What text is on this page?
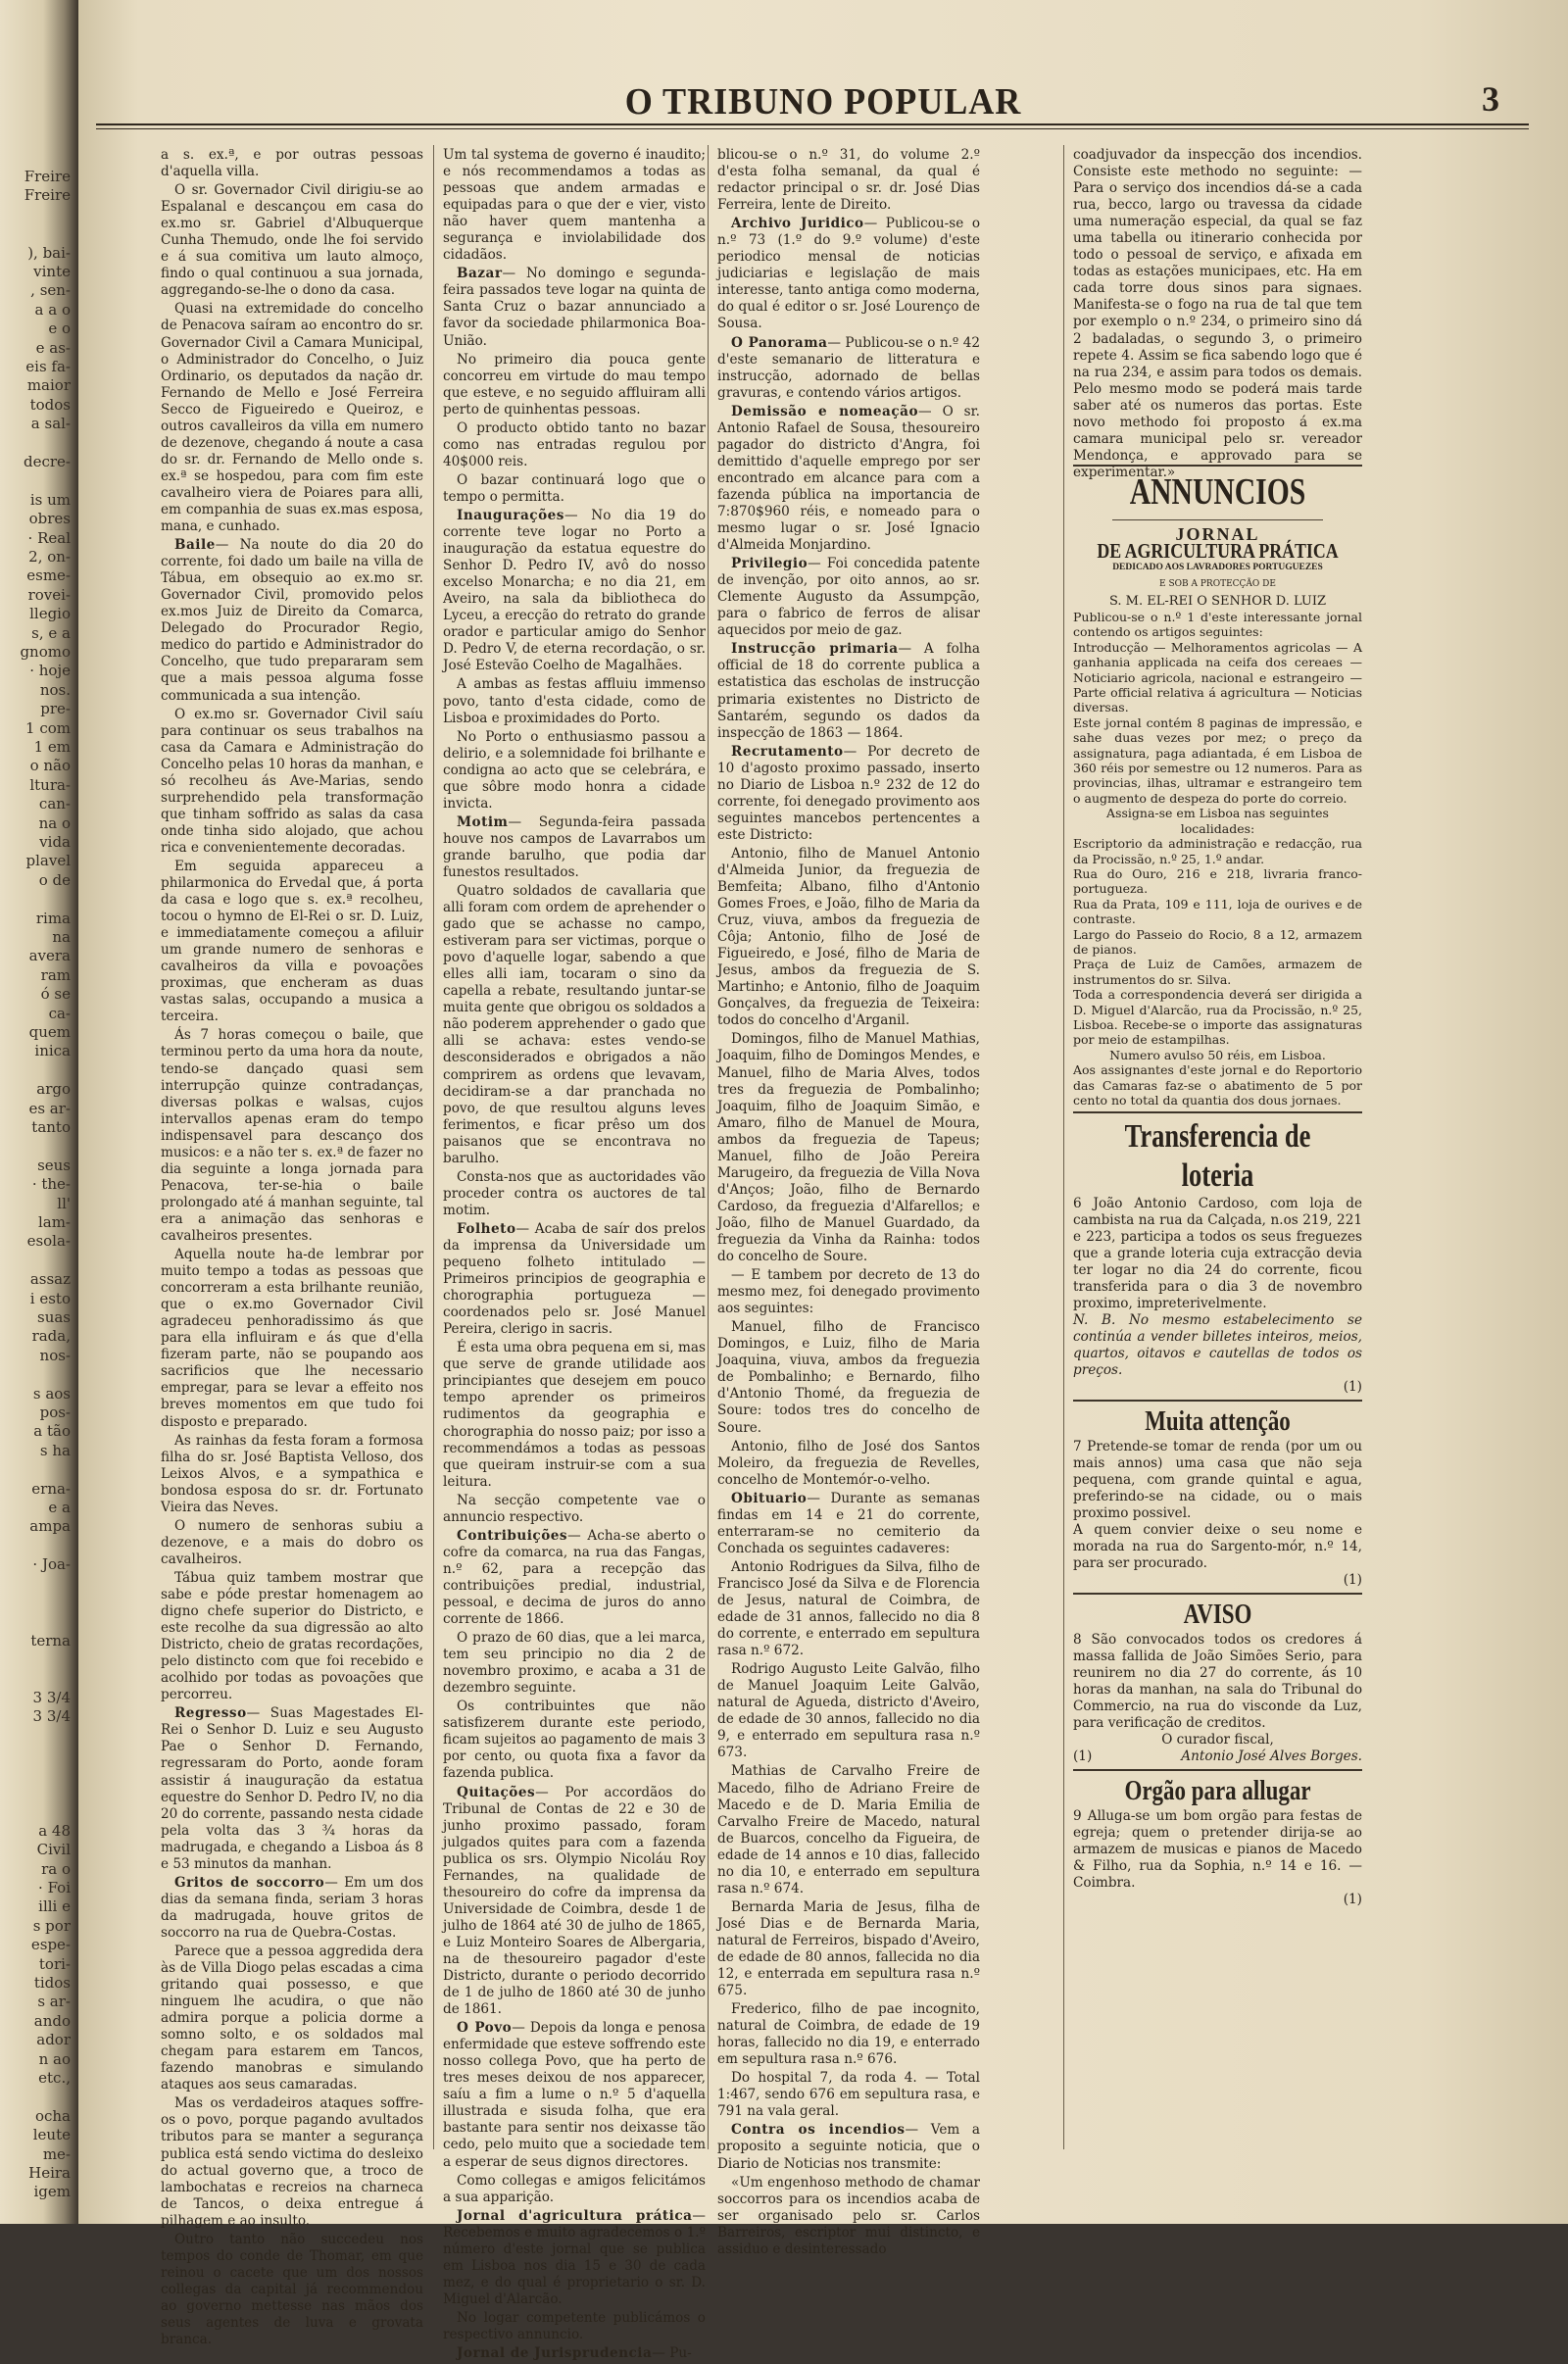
Freire
Freire
), bai-
vinte
, sen-
a a o
e o
e as-
eis fa-
maior
todos
a sal-
decre-
is um
obres
· Real
2, on-
esme-
rovei-
llegio
s, e a
gnomo
· hoje
nos.
pre-
1 com
1 em
o não
ltura-
can-
na o
vida
plavel
o de
rima
na
avera
ram
ó se
ca-
quem
inica
argo
es ar-
tanto
seus
· the-
ll'
lam-
esola-
assaz
i esto
suas
rada,
nos-
s aos
pos-
a tão
s ha
erna-
e a
ampa
· Joa-
terna
3 3/4
3 3/4
a 48
Civil
ra o
· Foi
illi e
s por
espe-
tori-
tidos
s ar-
ando
ador
n ao
etc.,
ocha
leute
me-
Heira
igem
O TRIBUNO POPULAR	3

a s. ex.ª, e por outras pessoas d'aquella villa.

O sr. Governador Civil dirigiu-se ao Espalanal e descançou em casa do ex.mo sr. Gabriel d'Albuquerque Cunha Themudo, onde lhe foi servido e á sua comitiva um lauto almoço, findo o qual continuou a sua jornada, aggregando-se-lhe o dono da casa.

Quasi na extremidade do concelho de Penacova saíram ao encontro do sr. Governador Civil a Camara Municipal, o Administrador do Concelho, o Juiz Ordinario, os deputados da nação dr. Fernando de Mello e José Ferreira Secco de Figueiredo e Queiroz, e outros cavalleiros da villa em numero de dezenove, chegando á noute a casa do sr. dr. Fernando de Mello onde s. ex.ª se hospedou, para com fim este cavalheiro viera de Poiares para alli, em companhia de suas ex.mas esposa, mana, e cunhado.

Baile— Na noute do dia 20 do corrente, foi dado um baile na villa de Tábua, em obsequio ao ex.mo sr. Governador Civil, promovido pelos ex.mos Juiz de Direito da Comarca, Delegado do Procurador Regio, medico do partido e Administrador do Concelho, que tudo prepararam sem que a mais pessoa alguma fosse communicada a sua intenção.

O ex.mo sr. Governador Civil saíu para continuar os seus trabalhos na casa da Camara e Administração do Concelho pelas 10 horas da manhan, e só recolheu ás Ave-Marias, sendo surprehendido pela transformação que tinham soffrido as salas da casa onde tinha sido alojado, que achou rica e convenientemente decoradas.

Em seguida appareceu a philarmonica do Ervedal que, á porta da casa e logo que s. ex.ª recolheu, tocou o hymno de El-Rei o sr. D. Luiz, e immediatamente começou a afiluir um grande numero de senhoras e cavalheiros da villa e povoações proximas, que encheram as duas vastas salas, occupando a musica a terceira.

Ás 7 horas começou o baile, que terminou perto da uma hora da noute, tendo-se dançado quasi sem interrupção quinze contradanças, diversas polkas e walsas, cujos intervallos apenas eram do tempo indispensavel para descanço dos musicos: e a não ter s. ex.ª de fazer no dia seguinte a longa jornada para Penacova, ter-se-hia o baile prolongado até á manhan seguinte, tal era a animação das senhoras e cavalheiros presentes.

Aquella noute ha-de lembrar por muito tempo a todas as pessoas que concorreram a esta brilhante reunião, que o ex.mo Governador Civil agradeceu penhoradissimo ás que para ella influiram e ás que d'ella fizeram parte, não se poupando aos sacrificios que lhe necessario empregar, para se levar a effeito nos breves momentos em que tudo foi disposto e preparado.

As rainhas da festa foram a formosa filha do sr. José Baptista Velloso, dos Leixos Alvos, e a sympathica e bondosa esposa do sr. dr. Fortunato Vieira das Neves.

O numero de senhoras subiu a dezenove, e a mais do dobro os cavalheiros.

Tábua quiz tambem mostrar que sabe e póde prestar homenagem ao digno chefe superior do Districto, e este recolhe da sua digressão ao alto Districto, cheio de gratas recordações, pelo distincto com que foi recebido e acolhido por todas as povoações que percorreu.

Regresso— Suas Magestades El-Rei o Senhor D. Luiz e seu Augusto Pae o Senhor D. Fernando, regressaram do Porto, aonde foram assistir á inauguração da estatua equestre do Senhor D. Pedro IV, no dia 20 do corrente, passando nesta cidade pela volta das 3 ¾ horas da madrugada, e chegando a Lisboa ás 8 e 53 minutos da manhan.

Gritos de soccorro— Em um dos dias da semana finda, seriam 3 horas da madrugada, houve gritos de soccorro na rua de Quebra-Costas.

Parece que a pessoa aggredida dera às de Villa Diogo pelas escadas a cima gritando quai possesso, e que ninguem lhe acudira, o que não admira porque a policia dorme a somno solto, e os soldados mal chegam para estarem em Tancos, fazendo manobras e simulando ataques aos seus camaradas.

Mas os verdadeiros ataques soffre-os o povo, porque pagando avultados tributos para se manter a segurança publica está sendo victima do desleixo do actual governo que, a troco de lambochatas e recreios na charneca de Tancos, o deixa entregue á pilhagem e ao insulto.

Outro tanto não succedeu nos tempos do conde de Thomar, em que reinou o cacete que um dos nossos collegas da capital já recommendou ao governo mettesse nas mãos dos seus agentes de luva e grovata branca.

Um tal systema de governo é inaudito; e nós recommendamos a todas as pessoas que andem armadas e equipadas para o que der e vier, visto não haver quem mantenha a segurança e inviolabilidade dos cidadãos.

Bazar— No domingo e segunda-feira passados teve logar na quinta de Santa Cruz o bazar annunciado a favor da sociedade philarmonica Boa-União.

No primeiro dia pouca gente concorreu em virtude do mau tempo que esteve, e no seguido affluiram alli perto de quinhentas pessoas.

O producto obtido tanto no bazar como nas entradas regulou por 40$000 reis.

O bazar continuará logo que o tempo o permitta.

Inaugurações— No dia 19 do corrente teve logar no Porto a inauguração da estatua equestre do Senhor D. Pedro IV, avô do nosso excelso Monarcha; e no dia 21, em Aveiro, na sala da bibliotheca do Lyceu, a erecção do retrato do grande orador e particular amigo do Senhor D. Pedro V, de eterna recordação, o sr. José Estevão Coelho de Magalhães.

A ambas as festas affluiu immenso povo, tanto d'esta cidade, como de Lisboa e proximidades do Porto.

No Porto o enthusiasmo passou a delirio, e a solemnidade foi brilhante e condigna ao acto que se celebrára, e que sôbre modo honra a cidade invicta.

Motim— Segunda-feira passada houve nos campos de Lavarrabos um grande barulho, que podia dar funestos resultados.

Quatro soldados de cavallaria que alli foram com ordem de aprehender o gado que se achasse no campo, estiveram para ser victimas, porque o povo d'aquelle logar, sabendo a que elles alli iam, tocaram o sino da capella a rebate, resultando juntar-se muita gente que obrigou os soldados a não poderem apprehender o gado que alli se achava: estes vendo-se desconsiderados e obrigados a não comprirem as ordens que levavam, decidiram-se a dar pranchada no povo, de que resultou alguns leves ferimentos, e ficar prêso um dos paisanos que se encontrava no barulho.

Consta-nos que as auctoridades vão proceder contra os auctores de tal motim.

Folheto— Acaba de saír dos prelos da imprensa da Universidade um pequeno folheto intitulado — Primeiros principios de geographia e chorographia portugueza — coordenados pelo sr. José Manuel Pereira, clerigo in sacris.

É esta uma obra pequena em si, mas que serve de grande utilidade aos principiantes que desejem em pouco tempo aprender os primeiros rudimentos da geographia e chorographia do nosso paiz; por isso a recommendámos a todas as pessoas que queiram instruir-se com a sua leitura.

Na secção competente vae o annuncio respectivo.

Contribuições— Acha-se aberto o cofre da comarca, na rua das Fangas, n.º 62, para a recepção das contribuições predial, industrial, pessoal, e decima de juros do anno corrente de 1866.

O prazo de 60 dias, que a lei marca, tem seu principio no dia 2 de novembro proximo, e acaba a 31 de dezembro seguinte.

Os contribuintes que não satisfizerem durante este periodo, ficam sujeitos ao pagamento de mais 3 por cento, ou quota fixa a favor da fazenda publica.

Quitações— Por accordãos do Tribunal de Contas de 22 e 30 de junho proximo passado, foram julgados quites para com a fazenda publica os srs. Olympio Nicoláu Roy Fernandes, na qualidade de thesoureiro do cofre da imprensa da Universidade de Coimbra, desde 1 de julho de 1864 até 30 de julho de 1865, e Luiz Monteiro Soares de Albergaria, na de thesoureiro pagador d'este Districto, durante o periodo decorrido de 1 de julho de 1860 até 30 de junho de 1861.

O Povo— Depois da longa e penosa enfermidade que esteve soffrendo este nosso collega Povo, que ha perto de tres meses deixou de nos apparecer, saíu a fim a lume o n.º 5 d'aquella illustrada e sisuda folha, que era bastante para sentir nos deixasse tão cedo, pelo muito que a sociedade tem a esperar de seus dignos directores.

Como collegas e amigos felicitámos a sua apparição.

Jornal d'agricultura prática— Recebemos e muito agradecemos o 1.º número d'este jornal que se publica em Lisboa nos dia 15 e 30 de cada mez, e do qual é proprietario o sr. D. Miguel d'Alarcão.

No logar competente publicámos o respectivo annuncio.

Jornal de Jurisprudencia— Pu-

blicou-se o n.º 31, do volume 2.º d'esta folha semanal, da qual é redactor principal o sr. dr. José Dias Ferreira, lente de Direito.

Archivo Juridico— Publicou-se o n.º 73 (1.º do 9.º volume) d'este periodico mensal de noticias judiciarias e legislação de mais interesse, tanto antiga como moderna, do qual é editor o sr. José Lourenço de Sousa.

O Panorama— Publicou-se o n.º 42 d'este semanario de litteratura e instrucção, adornado de bellas gravuras, e contendo vários artigos.

Demissão e nomeação— O sr. Antonio Rafael de Sousa, thesoureiro pagador do districto d'Angra, foi demittido d'aquelle emprego por ser encontrado em alcance para com a fazenda pública na importancia de 7:870$960 réis, e nomeado para o mesmo lugar o sr. José Ignacio d'Almeida Monjardino.

Privilegio— Foi concedida patente de invenção, por oito annos, ao sr. Clemente Augusto da Assumpção, para o fabrico de ferros de alisar aquecidos por meio de gaz.

Instrucção primaria— A folha official de 18 do corrente publica a estatistica das escholas de instrucção primaria existentes no Districto de Santarém, segundo os dados da inspecção de 1863 — 1864.

Recrutamento— Por decreto de 10 d'agosto proximo passado, inserto no Diario de Lisboa n.º 232 de 12 do corrente, foi denegado provimento aos seguintes mancebos pertencentes a este Districto:

Antonio, filho de Manuel Antonio d'Almeida Junior, da freguezia de Bemfeita; Albano, filho d'Antonio Gomes Froes, e João, filho de Maria da Cruz, viuva, ambos da freguezia de Côja; Antonio, filho de José de Figueiredo, e José, filho de Maria de Jesus, ambos da freguezia de S. Martinho; e Antonio, filho de Joaquim Gonçalves, da freguezia de Teixeira: todos do concelho d'Arganil.

Domingos, filho de Manuel Mathias, Joaquim, filho de Domingos Mendes, e Manuel, filho de Maria Alves, todos tres da freguezia de Pombalinho; Joaquim, filho de Joaquim Simão, e Amaro, filho de Manuel de Moura, ambos da freguezia de Tapeus; Manuel, filho de João Pereira Marugeiro, da freguezia de Villa Nova d'Anços; João, filho de Bernardo Cardoso, da freguezia d'Alfarellos; e João, filho de Manuel Guardado, da freguezia da Vinha da Rainha: todos do concelho de Soure.

— E tambem por decreto de 13 do mesmo mez, foi denegado provimento aos seguintes:

Manuel, filho de Francisco Domingos, e Luiz, filho de Maria Joaquina, viuva, ambos da freguezia de Pombalinho; e Bernardo, filho d'Antonio Thomé, da freguezia de Soure: todos tres do concelho de Soure.

Antonio, filho de José dos Santos Moleiro, da freguezia de Revelles, concelho de Montemór-o-velho.

Obituario— Durante as semanas findas em 14 e 21 do corrente, enterraram-se no cemiterio da Conchada os seguintes cadaveres:

Antonio Rodrigues da Silva, filho de Francisco José da Silva e de Florencia de Jesus, natural de Coimbra, de edade de 31 annos, fallecido no dia 8 do corrente, e enterrado em sepultura rasa n.º 672.

Rodrigo Augusto Leite Galvão, filho de Manuel Joaquim Leite Galvão, natural de Agueda, districto d'Aveiro, de edade de 30 annos, fallecido no dia 9, e enterrado em sepultura rasa n.º 673.

Mathias de Carvalho Freire de Macedo, filho de Adriano Freire de Macedo e de D. Maria Emilia de Carvalho Freire de Macedo, natural de Buarcos, concelho da Figueira, de edade de 14 annos e 10 dias, fallecido no dia 10, e enterrado em sepultura rasa n.º 674.

Bernarda Maria de Jesus, filha de José Dias e de Bernarda Maria, natural de Ferreiros, bispado d'Aveiro, de edade de 80 annos, fallecida no dia 12, e enterrada em sepultura rasa n.º 675.

Frederico, filho de pae incognito, natural de Coimbra, de edade de 19 horas, fallecido no dia 19, e enterrado em sepultura rasa n.º 676.

Do hospital 7, da roda 4. — Total 1:467, sendo 676 em sepultura rasa, e 791 na vala geral.

Contra os incendios— Vem a proposito a seguinte noticia, que o Diario de Noticias nos transmite:

«Um engenhoso methodo de chamar soccorros para os incendios acaba de ser organisado pelo sr. Carlos Barreiros, escriptor mui distincto, e assiduo e desinteressado

coadjuvador da inspecção dos incendios. Consiste este methodo no seguinte: — Para o serviço dos incendios dá-se a cada rua, becco, largo ou travessa da cidade uma numeração especial, da qual se faz uma tabella ou itinerario conhecida por todo o pessoal de serviço, e afixada em todas as estações municipaes, etc. Ha em cada torre dous sinos para signaes. Manifesta-se o fogo na rua de tal que tem por exemplo o n.º 234, o primeiro sino dá 2 badaladas, o segundo 3, o primeiro repete 4. Assim se fica sabendo logo que é na rua 234, e assim para todos os demais. Pelo mesmo modo se poderá mais tarde saber até os numeros das portas. Este novo methodo foi proposto á ex.ma camara municipal pelo sr. vereador Mendonça, e approvado para se experimentar.»

ANNUNCIOS
JORNAL
DE AGRICULTURA PRÁTICA
DEDICADO AOS LAVRADORES PORTUGUEZES
E SOB A PROTECÇÃO DE
S. M. EL-REI O SENHOR D. LUIZ
Publicou-se o n.º 1 d'este interessante jornal contendo os artigos seguintes:
Introducção — Melhoramentos agricolas — A ganhania applicada na ceifa dos cereaes — Noticiario agricola, nacional e estrangeiro — Parte official relativa á agricultura — Noticias diversas.
Este jornal contém 8 paginas de impressão, e sahe duas vezes por mez; o preço da assignatura, paga adiantada, é em Lisboa de 360 réis por semestre ou 12 numeros. Para as provincias, ilhas, ultramar e estrangeiro tem o augmento de despeza do porte do correio.
Assigna-se em Lisboa nas seguintes localidades:
Escriptorio da administração e redacção, rua da Procissão, n.º 25, 1.º andar.
Rua do Ouro, 216 e 218, livraria franco-portugueza.
Rua da Prata, 109 e 111, loja de ourives e de contraste.
Largo do Passeio do Rocio, 8 a 12, armazem de pianos.
Praça de Luiz de Camões, armazem de instrumentos do sr. Silva.
Toda a correspondencia deverá ser dirigida a D. Miguel d'Alarcão, rua da Procissão, n.º 25, Lisboa. Recebe-se o importe das assignaturas por meio de estampilhas.
Numero avulso 50 réis, em Lisboa.
Aos assignantes d'este jornal e do Reportorio das Camaras faz-se o abatimento de 5 por cento no total da quantia dos dous jornaes.
Transferencia de loteria
6 João Antonio Cardoso, com loja de cambista na rua da Calçada, n.os 219, 221 e 223, participa a todos os seus freguezes que a grande loteria cuja extracção devia ter logar no dia 24 do corrente, ficou transferida para o dia 3 de novembro proximo, impreterivelmente.
N. B. No mesmo estabelecimento se continúa a vender billetes inteiros, meios, quartos, oitavos e cautellas de todos os preços.
(1)
Muita attenção
7 Pretende-se tomar de renda (por um ou mais annos) uma casa que não seja pequena, com grande quintal e agua, preferindo-se na cidade, ou o mais proximo possivel.
A quem convier deixe o seu nome e morada na rua do Sargento-mór, n.º 14, para ser procurado.
(1)
AVISO
8 São convocados todos os credores á massa fallida de João Simões Serio, para reunirem no dia 27 do corrente, ás 10 horas da manhan, na sala do Tribunal do Commercio, na rua do visconde da Luz, para verificação de creditos.
O curador fiscal,
(1)	Antonio José Alves Borges.
Orgão para allugar
9 Alluga-se um bom orgão para festas de egreja; quem o pretender dirija-se ao armazem de musicas e pianos de Macedo & Filho, rua da Sophia, n.º 14 e 16. — Coimbra.
(1)
